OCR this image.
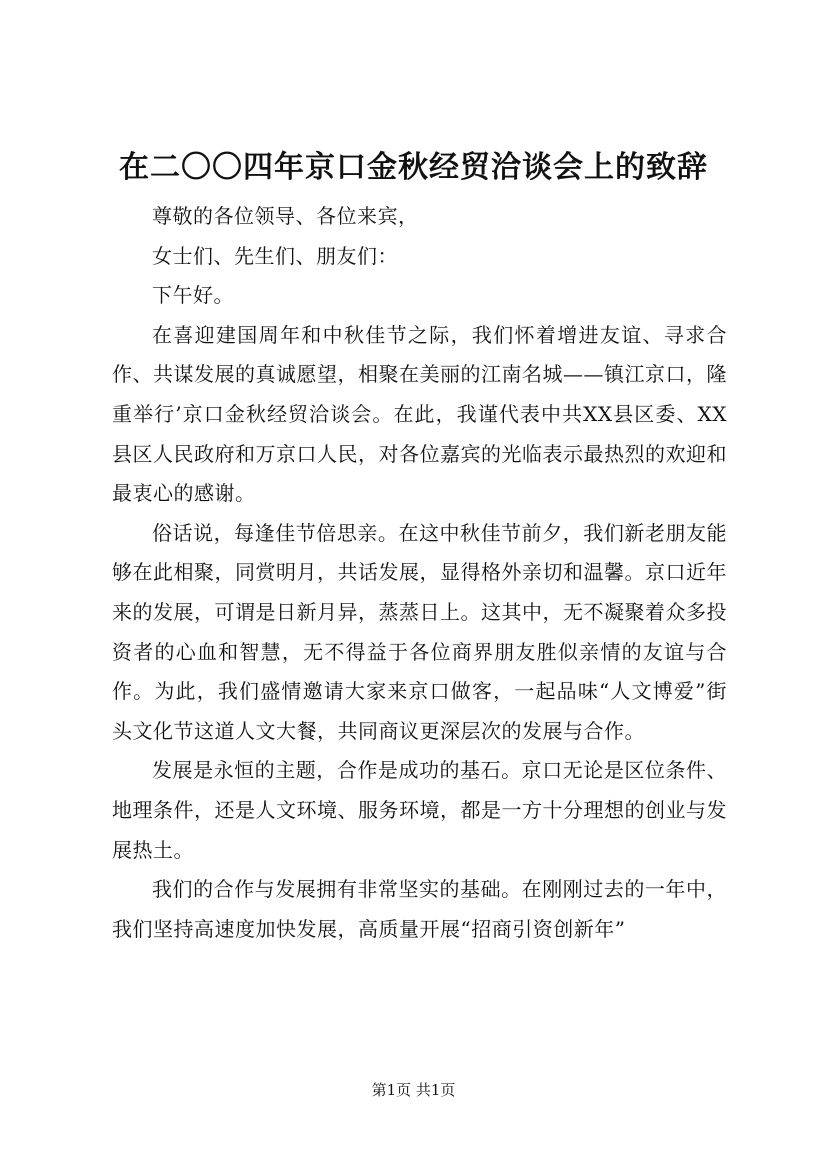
在二〇〇四年京口金秋经贸洽谈会上的致辞

尊敬的各位领导、各位来宾，

女士们、先生们、朋友们：

下午好。

在喜迎建国周年和中秋佳节之际，我们怀着增进友谊、寻求合作、共谋发展的真诚愿望，相聚在美丽的江南名城——镇江京口，隆重举行’京口金秋经贸洽谈会。在此，我谨代表中共XX县区委、XX县区人民政府和万京口人民，对各位嘉宾的光临表示最热烈的欢迎和最衷心的感谢。

俗话说，每逢佳节倍思亲。在这中秋佳节前夕，我们新老朋友能够在此相聚，同赏明月，共话发展，显得格外亲切和温馨。京口近年来的发展，可谓是日新月异，蒸蒸日上。这其中，无不凝聚着众多投资者的心血和智慧，无不得益于各位商界朋友胜似亲情的友谊与合作。为此，我们盛情邀请大家来京口做客，一起品味“人文博爱”街头文化节这道人文大餐，共同商议更深层次的发展与合作。

发展是永恒的主题，合作是成功的基石。京口无论是区位条件、地理条件，还是人文环境、服务环境，都是一方十分理想的创业与发展热土。

我们的合作与发展拥有非常坚实的基础。在刚刚过去的一年中，我们坚持高速度加快发展，高质量开展“招商引资创新年”

第1页 共1页
